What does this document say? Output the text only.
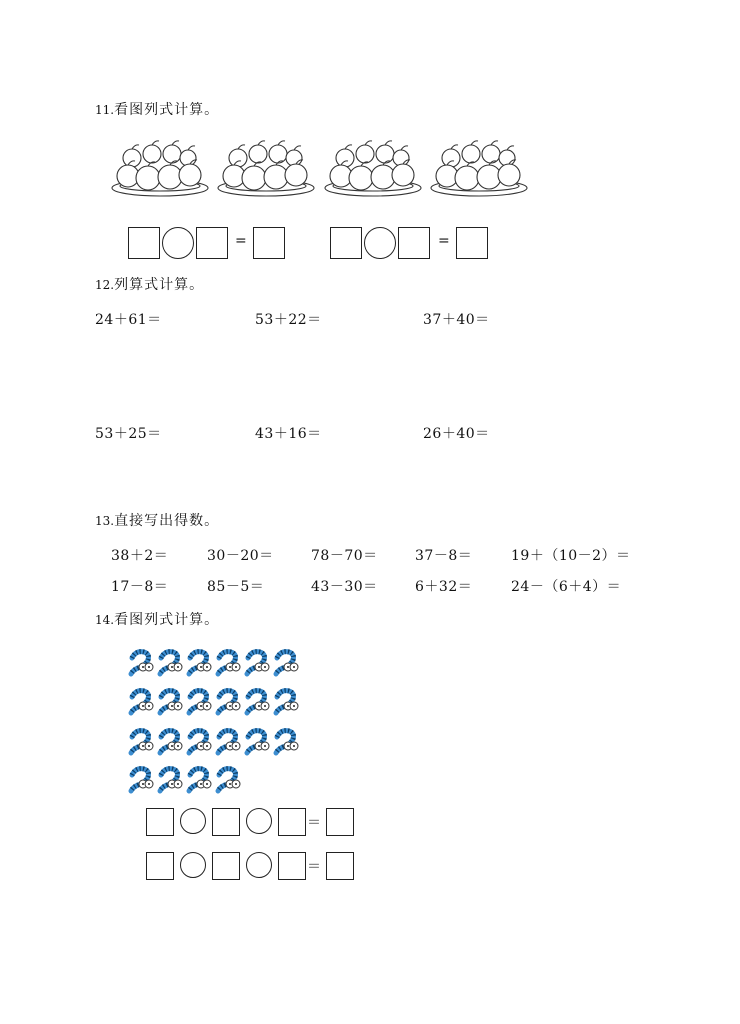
11.看图列式计算。
=	=
12.列算式计算。
24＋61＝	53＋22＝	37＋40＝
53＋25＝	43＋16＝	26＋40＝
13.直接写出得数。
38＋2＝	30－20＝	78－70＝	37－8＝	19＋（10－2）＝
17－8＝	85－5＝	43－30＝	6＋32＝	24－（6＋4）＝
14.看图列式计算。
＝
＝
